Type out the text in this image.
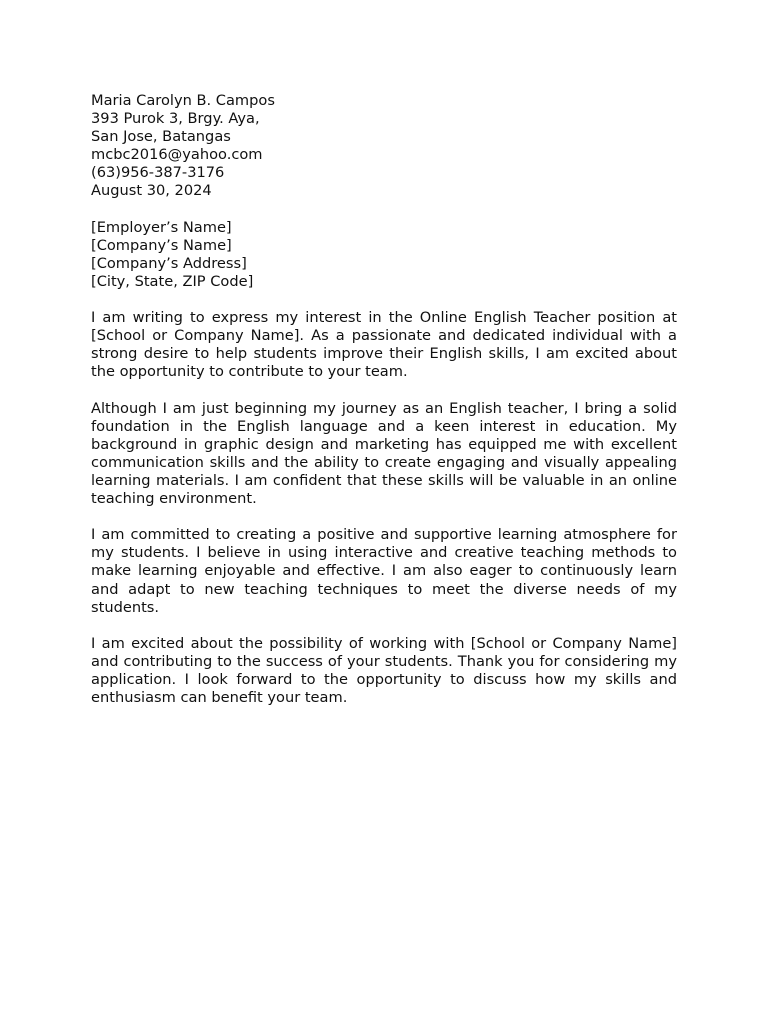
Maria Carolyn B. Campos
393 Purok 3, Brgy. Aya,
San Jose, Batangas
mcbc2016@yahoo.com
(63)956-387-3176
August 30, 2024
[Employer’s Name]
[Company’s Name]
[Company’s Address]
[City, State, ZIP Code]

I am writing to express my interest in the Online English Teacher position at [School or Company Name]. As a passionate and dedicated individual with a strong desire to help students improve their English skills, I am excited about the opportunity to contribute to your team.

Although I am just beginning my journey as an English teacher, I bring a solid foundation in the English language and a keen interest in education. My background in graphic design and marketing has equipped me with excellent communication skills and the ability to create engaging and visually appealing learning materials. I am confident that these skills will be valuable in an online teaching environment.

I am committed to creating a positive and supportive learning atmosphere for my students. I believe in using interactive and creative teaching methods to make learning enjoyable and effective. I am also eager to continuously learn and adapt to new teaching techniques to meet the diverse needs of my students.

I am excited about the possibility of working with [School or Company Name] and contributing to the success of your students. Thank you for considering my application. I look forward to the opportunity to discuss how my skills and enthusiasm can benefit your team.
